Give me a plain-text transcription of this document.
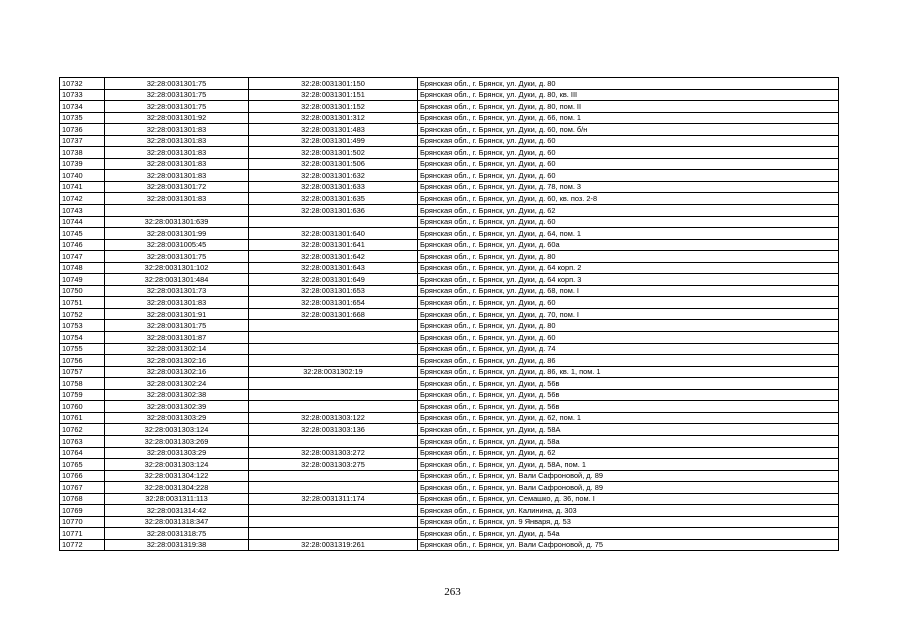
10732	32:28:0031301:75	32:28:0031301:150	Брянская обл., г. Брянск, ул. Дуки, д. 80
10733	32:28:0031301:75	32:28:0031301:151	Брянская обл., г. Брянск, ул. Дуки, д. 80, кв. III
10734	32:28:0031301:75	32:28:0031301:152	Брянская обл., г. Брянск, ул. Дуки, д. 80, пом. II
10735	32:28:0031301:92	32:28:0031301:312	Брянская обл., г. Брянск, ул. Дуки, д. 66, пом. 1
10736	32:28:0031301:83	32:28:0031301:483	Брянская обл., г. Брянск, ул. Дуки, д. 60, пом. б/н
10737	32:28:0031301:83	32:28:0031301:499	Брянская обл., г. Брянск, ул. Дуки, д. 60
10738	32:28:0031301:83	32:28:0031301:502	Брянская обл., г. Брянск, ул. Дуки, д. 60
10739	32:28:0031301:83	32:28:0031301:506	Брянская обл., г. Брянск, ул. Дуки, д. 60
10740	32:28:0031301:83	32:28:0031301:632	Брянская обл., г. Брянск, ул. Дуки, д. 60
10741	32:28:0031301:72	32:28:0031301:633	Брянская обл., г. Брянск, ул. Дуки, д. 78, пом. 3
10742	32:28:0031301:83	32:28:0031301:635	Брянская обл., г. Брянск, ул. Дуки, д. 60, кв. поз. 2-8
10743		32:28:0031301:636	Брянская обл., г. Брянск, ул. Дуки, д. 62
10744	32:28:0031301:639		Брянская обл., г. Брянск, ул. Дуки, д. 60
10745	32:28:0031301:99	32:28:0031301:640	Брянская обл., г. Брянск, ул. Дуки, д. 64, пом. 1
10746	32:28:0031005:45	32:28:0031301:641	Брянская обл., г. Брянск, ул. Дуки, д. 60а
10747	32:28:0031301:75	32:28:0031301:642	Брянская обл., г. Брянск, ул. Дуки, д. 80
10748	32:28:0031301:102	32:28:0031301:643	Брянская обл., г. Брянск, ул. Дуки, д. 64 корп. 2
10749	32:28:0031301:484	32:28:0031301:649	Брянская обл., г. Брянск, ул. Дуки, д. 64 корп. 3
10750	32:28:0031301:73	32:28:0031301:653	Брянская обл., г. Брянск, ул. Дуки, д. 68, пом. I
10751	32:28:0031301:83	32:28:0031301:654	Брянская обл., г. Брянск, ул. Дуки, д. 60
10752	32:28:0031301:91	32:28:0031301:668	Брянская обл., г. Брянск, ул. Дуки, д. 70, пом. I
10753	32:28:0031301:75		Брянская обл., г. Брянск, ул. Дуки, д. 80
10754	32:28:0031301:87		Брянская обл., г. Брянск, ул. Дуки, д. 60
10755	32:28:0031302:14		Брянская обл., г. Брянск, ул. Дуки, д. 74
10756	32:28:0031302:16		Брянская обл., г. Брянск, ул. Дуки, д. 86
10757	32:28:0031302:16	32:28:0031302:19	Брянская обл., г. Брянск, ул. Дуки, д. 86, кв. 1, пом. 1
10758	32:28:0031302:24		Брянская обл., г. Брянск, ул. Дуки, д. 56в
10759	32:28:0031302:38		Брянская обл., г. Брянск, ул. Дуки, д. 56в
10760	32:28:0031302:39		Брянская обл., г. Брянск, ул. Дуки, д. 56в
10761	32:28:0031303:29	32:28:0031303:122	Брянская обл., г. Брянск, ул. Дуки, д. 62, пом. 1
10762	32:28:0031303:124	32:28:0031303:136	Брянская обл., г. Брянск, ул. Дуки, д. 58А
10763	32:28:0031303:269		Брянская обл., г. Брянск, ул. Дуки, д. 58а
10764	32:28:0031303:29	32:28:0031303:272	Брянская обл., г. Брянск, ул. Дуки, д. 62
10765	32:28:0031303:124	32:28:0031303:275	Брянская обл., г. Брянск, ул. Дуки, д. 58А, пом. 1
10766	32:28:0031304:122		Брянская обл., г. Брянск, ул. Вали Сафроновой, д. 89
10767	32:28:0031304:228		Брянская обл., г. Брянск, ул. Вали Сафроновой, д. 89
10768	32:28:0031311:113	32:28:0031311:174	Брянская обл., г. Брянск, ул. Семашко, д. 36, пом. I
10769	32:28:0031314:42		Брянская обл., г. Брянск, ул. Калинина, д. 303
10770	32:28:0031318:347		Брянская обл., г. Брянск, ул. 9 Января, д. 53
10771	32:28:0031318:75		Брянская обл., г. Брянск, ул. Дуки, д. 54а
10772	32:28:0031319:38	32:28:0031319:261	Брянская обл., г. Брянск, ул. Вали Сафроновой, д. 75
263
